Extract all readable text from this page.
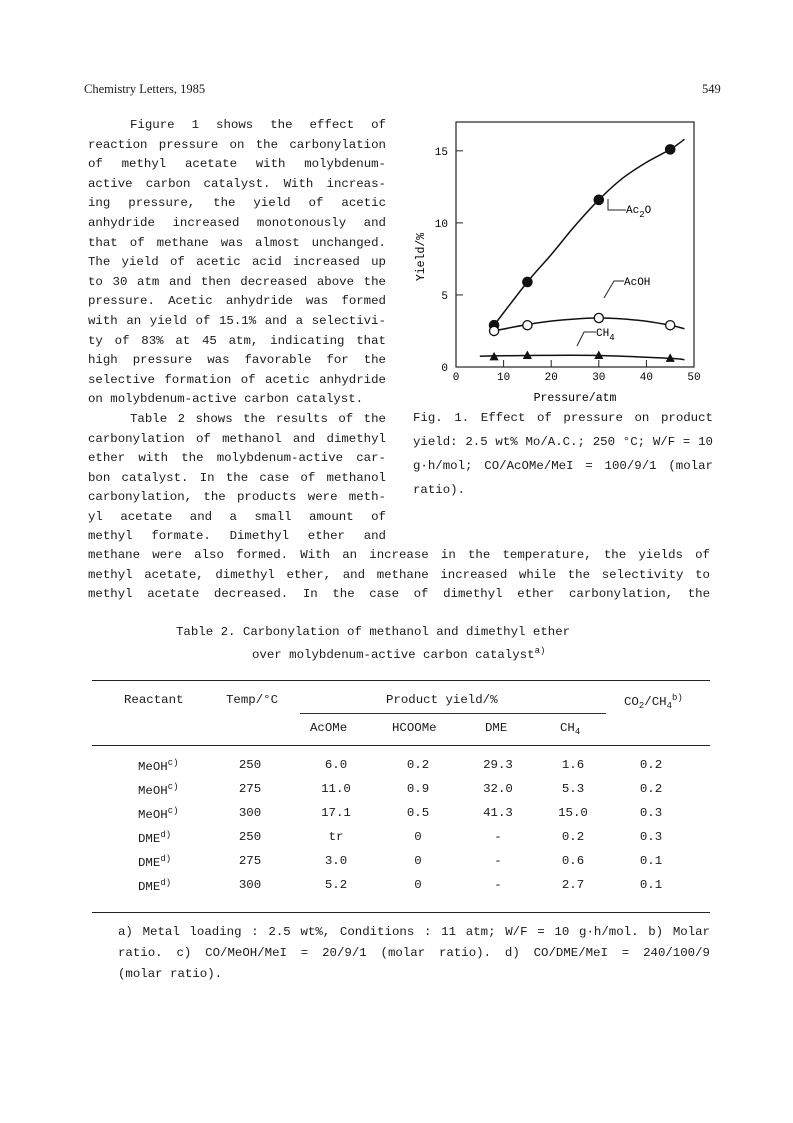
Chemistry Letters, 1985	549
Figure 1 shows the effect of
reaction pressure on the carbonylation
of methyl acetate with molybdenum-
active carbon catalyst. With increas-
ing pressure, the yield of acetic
anhydride increased monotonously and
that of methane was almost unchanged.
The yield of acetic acid increased up
to 30 atm and then decreased above the
pressure. Acetic anhydride was formed
with an yield of 15.1% and a selectivi-
ty of 83% at 45 atm, indicating that
high pressure was favorable for the
selective formation of acetic anhydride
on molybdenum-active carbon catalyst.
Table 2 shows the results of the
carbonylation of methanol and dimethyl
ether with the molybdenum-active car-
bon catalyst. In the case of methanol
carbonylation, the products were meth-
yl acetate and a small amount of
methyl formate. Dimethyl ether and
methane were also formed. With an increase in the temperature, the yields of
methyl acetate, dimethyl ether, and methane increased while the selectivity to
methyl acetate decreased. In the case of dimethyl ether carbonylation, the
0	10	20	30	40	50
0
5
10
15
$Ac_2O$
AcOH
$CH_4$
Pressure/atm
Yield/%
Fig. 1. Effect of pressure on product
yield: 2.5 wt% Mo/A.C.; 250 °C; W/F = 10
g·h/mol; CO/AcOMe/MeI = 100/9/1 (molar
ratio).
Table 2. Carbonylation of methanol and dimethyl ether
over molybdenum-active carbon catalyst$^{a)}$
Reactant	Temp/°C	Product yield/%	$CO_2/CH_4^{b)}$
AcOMe	HCOOMe	DME	$CH_4$
MeOH$^{c)}$	250	6.0	0.2	29.3	1.6	0.2
MeOH$^{c)}$	275	11.0	0.9	32.0	5.3	0.2
MeOH$^{c)}$	300	17.1	0.5	41.3	15.0	0.3
DME$^{d)}$	250	tr	0	-	0.2	0.3
DME$^{d)}$	275	3.0	0	-	0.6	0.1
DME$^{d)}$	300	5.2	0	-	2.7	0.1
a) Metal loading : 2.5 wt%, Conditions : 11 atm; W/F = 10 g·h/mol. b) Molar
ratio. c) CO/MeOH/MeI = 20/9/1 (molar ratio). d) CO/DME/MeI = 240/100/9
(molar ratio).
